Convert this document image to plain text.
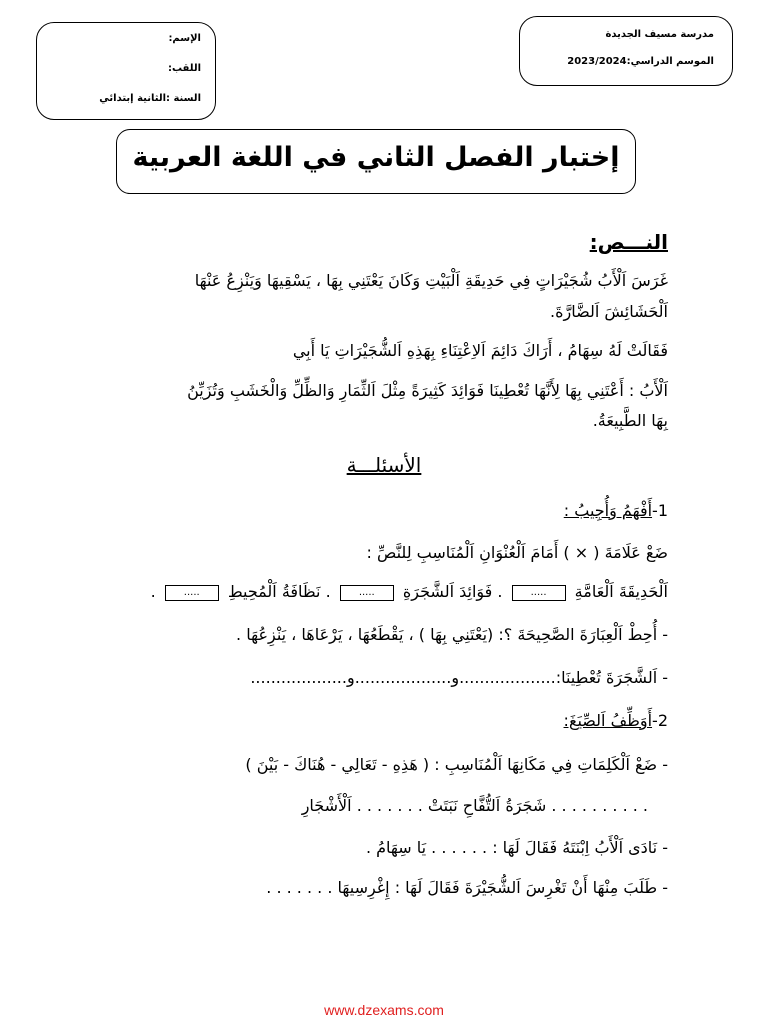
مدرسة مسيف الجديدة
الموسم الدراسي:2023/2024
الإسم:
اللقب:
السنة :الثانية إبتدائي
إختبار الفصل الثاني في اللغة العربية
النـــص:
غَرَسَ اَلْأَبُ شُجَيْرَاتٍ فِي حَدِيقَةِ اَلْبَيْتِ وَكَانَ يَعْتَنِي بِهَا ، يَسْقِيهَا وَيَنْزِعُ عَنْهَا
اَلْحَشَائِشَ اَلضَّارَّةَ.
فَقَالَتْ لَهُ سِهَامُ ، أَرَاكَ دَائِمَ اَلاِعْتِنَاءِ بِهَذِهِ اَلشُّجَيْرَاتِ يَا أَبِي
اَلْأَبُ : أَعْتَنِي بِهَا لِأَنَّهَا تُعْطِينَا فَوَائِدَ كَثِيرَةً مِثْلَ اَلثِّمَارِ وَالظِّلِّ وَالْخَشَبِ وَتُزَيِّنُ
بِهَا الطَّبِيعَةُ.
الأسئلـــة
1-أَفْهَمُ وَأُجِيبُ :
ضَعْ عَلَامَةَ ( × ) أَمَامَ اَلْعُنْوَانِ اَلْمُنَاسِبِ لِلنَّصِّ :
اَلْحَدِيقَةَ اَلْعَامَّةِ ..... . فَوَائِدَ اَلشَّجَرَةِ ..... . نَظَافَةُ اَلْمُحِيطِ ..... .
- أُحِطْ اَلْعِبَارَةَ الصَّحِيحَةَ ؟: (يَعْتَنِي بِهَا ) ، يَقْطَعُهَا ، يَرْعَاهَا ، يَنْزِعُهَا .
- اَلشَّجَرَةَ تُعْطِينَا:...................و...................و...................
2-أَوَظِّفُ اَلصِّيَغَ:
- ضَعْ اَلْكَلِمَاتِ فِي مَكَانِهَا اَلْمُنَاسِبِ : ( هَذِهِ - تَعَالِي - هُنَاكَ - بَيْنَ )
. . . . . . . . . . شَجَرَةُ اَلتُّفَّاحِ نَبَتَتْ . . . . . . . اَلْأَشْجَارِ
- نَادَى اَلْأَبُ اِبْنَتَهُ فَقَالَ لَهَا : . . . . . . يَا سِهَامُ .
- طَلَبَ مِنْهَا أَنْ تَغْرِسَ اَلشُّجَيْرَةَ فَقَالَ لَهَا : إِغْرِسِيهَا . . . . . . .
www.dzexams.com
